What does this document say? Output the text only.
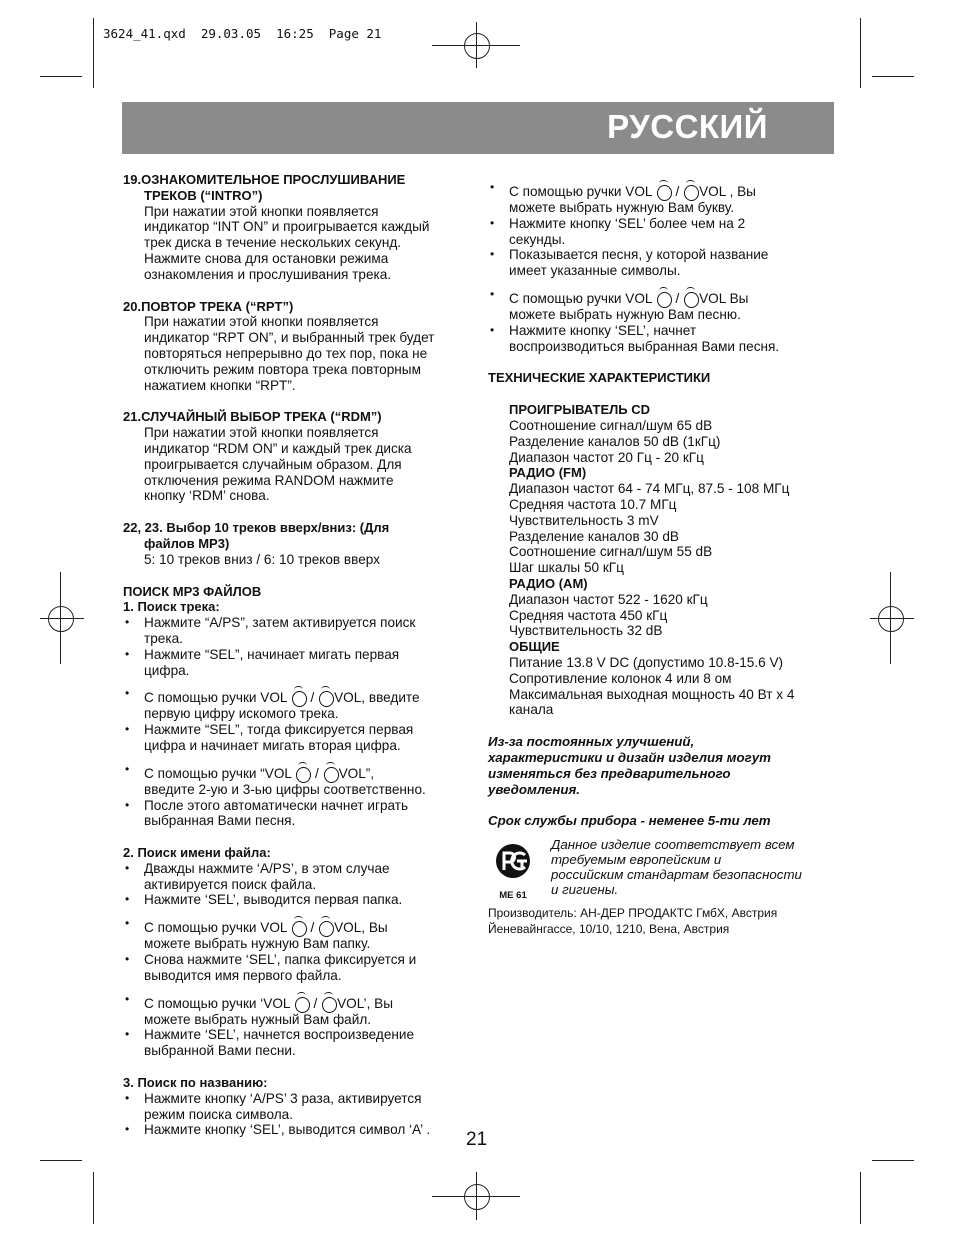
3624_41.qxd  29.03.05  16:25  Page 21
РУССКИЙ
19.ОЗНАКОМИТЕЛЬНОЕ ПРОСЛУШИВАНИЕ
ТРЕКОВ (“INTRO”)
При нажатии этой кнопки появляется
индикатор “INT ON” и проигрывается каждый
трек диска в течение нескольких секунд.
Нажмите снова для остановки режима
ознакомления и прослушивания трека.
20.ПОВТОР ТРЕКА (“RPT”)
При нажатии этой кнопки появляется
индикатор “RPT ON”, и выбранный трек будет
повторяться непрерывно до тех пор, пока не
отключить режим повтора трека повторным
нажатием кнопки “RPT”.
21.СЛУЧАЙНЫЙ ВЫБОР ТРЕКА (“RDM”)
При нажатии этой кнопки появляется
индикатор “RDM ON” и каждый трек диска
проигрывается случайным образом. Для
отключения режима RANDOM нажмите
кнопку ‘RDM’ снова.
22, 23. Выбор 10 треков вверх/вниз: (Для
файлов MP3)
5: 10 треков вниз / 6: 10 треков вверх
ПОИСК MP3 ФАЙЛОВ
1. Поиск трека:
• Нажмите “A/PS”, затем активируется поиск
трека.
• Нажмите “SEL”, начинает мигать первая
цифра.
• С помощью ручки VOL  / VOL, введите
первую цифру искомого трека.
• Нажмите “SEL”, тогда фиксируется первая
цифра и начинает мигать вторая цифра.
• С помощью ручки “VOL  / VOL”,
введите 2-ую и 3-ью цифры соответственно.
• После этого автоматически начнет играть
выбранная Вами песня.
2. Поиск имени файла:
• Дважды нажмите ‘A/PS’, в этом случае
активируется поиск файла.
• Нажмите ‘SEL’, выводится первая папка.
• С помощью ручки VOL  / VOL, Вы
можете выбрать нужную Вам папку.
• Снова нажмите ‘SEL’, папка фиксируется и
выводится имя первого файла.
• С помощью ручки ‘VOL  / VOL’, Вы
можете выбрать нужный Вам файл.
• Нажмите ‘SEL’, начнется воспроизведение
выбранной Вами песни.
3. Поиск по названию:
• Нажмите кнопку ‘A/PS’ 3 раза, активируется
режим поиска символа.
• Нажмите кнопку ‘SEL’, выводится символ ‘A’ .
• С помощью ручки VOL  / VOL , Вы
можете выбрать нужную Вам букву.
• Нажмите кнопку ‘SEL’ более чем на 2
секунды.
• Показывается песня, у которой название
имеет указанные символы.
• С помощью ручки VOL  / VOL Вы
можете выбрать нужную Вам песню.
• Нажмите кнопку ‘SEL’, начнет
воспроизводиться выбранная Вами песня.
ТЕХНИЧЕСКИЕ ХАРАКТЕРИСТИКИ
ПРОИГРЫВАТЕЛЬ CD
Соотношение сигнал/шум 65 dB
Разделение каналов 50 dB (1кГц)
Диапазон частот 20 Гц - 20 кГц
РАДИО (FM)
Диапазон частот 64 - 74 МГц, 87.5 - 108 МГц
Средняя частота 10.7 МГц
Чувствительность 3 mV
Разделение каналов 30 dB
Соотношение сигнал/шум 55 dB
Шаг шкалы 50 кГц
РАДИО (AM)
Диапазон частот 522 - 1620 кГц
Средняя частота 450 кГц
Чувствительность 32 dB
ОБЩИЕ
Питание 13.8 V DC (допустимо 10.8-15.6 V)
Сопротивление колонок 4 или 8 ом
Максимальная выходная мощность 40 Вт x 4
канала
Из-за постоянных улучшений,
характеристики и дизайн изделия могут
изменяться без предварительного
уведомления.
Срок службы прибора - неменее 5-ти лет
Данное изделие соответствует всем
требуемым европейским и
российским стандартам безопасности
и гигиены.
Производитель: АН-ДЕР ПРОДАКТС ГмбХ, Австрия
Йеневайнгассе, 10/10, 1210, Вена, Австрия
ME 61
21
